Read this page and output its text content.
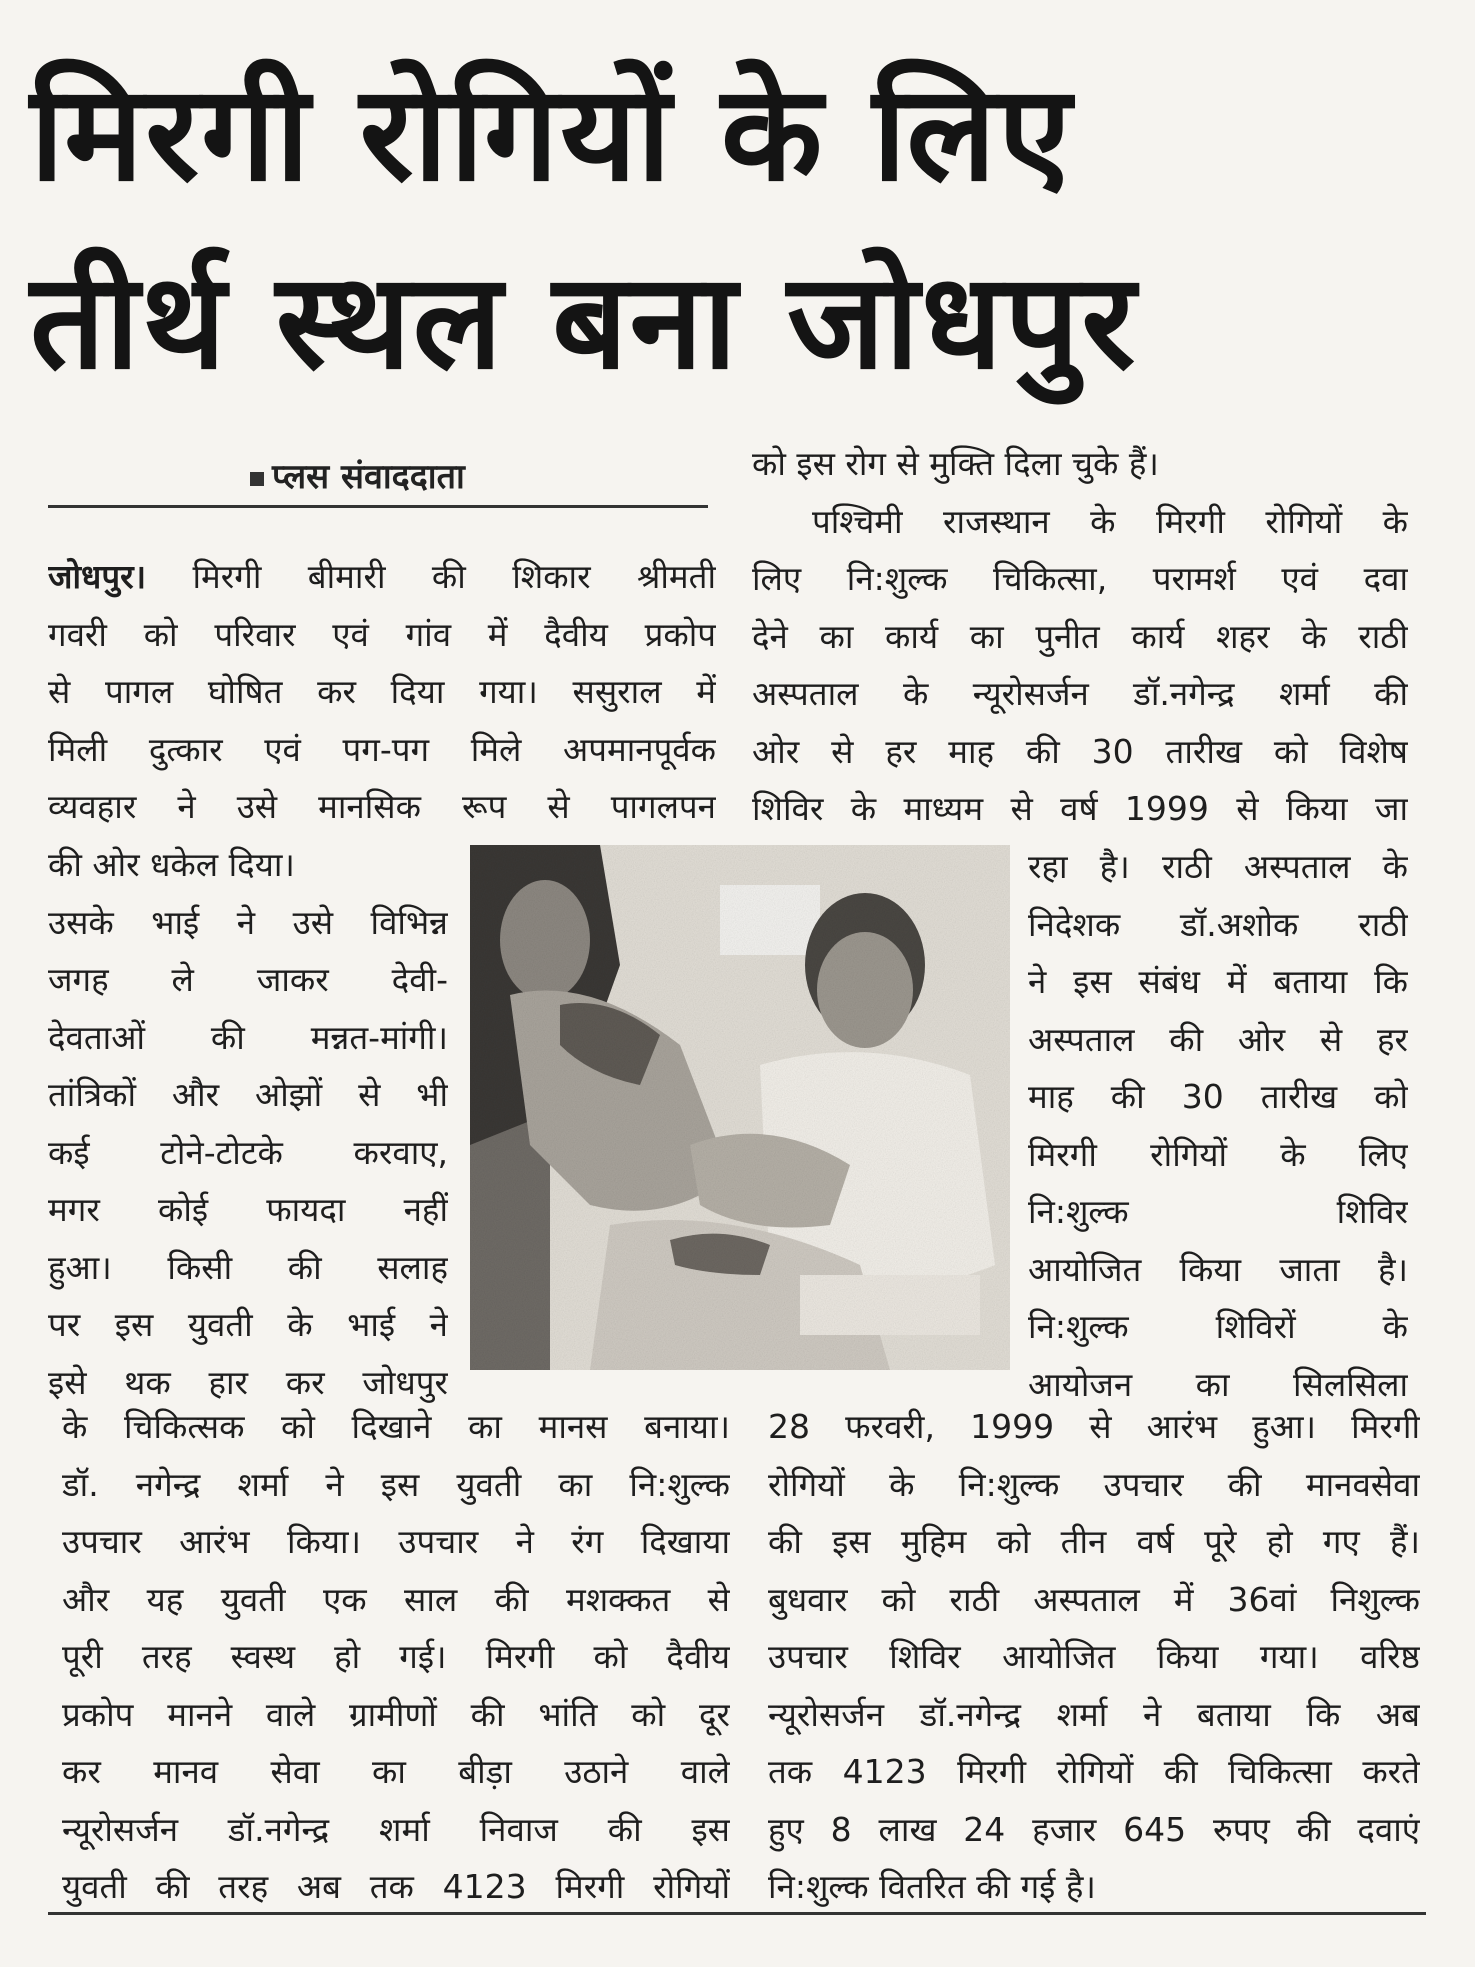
मिरगी रोगियों के लिए
तीर्थ स्थल बना जोधपुर
प्लस संवाददाता
जोधपुर। मिरगी बीमारी की शिकार श्रीमती
गवरी को परिवार एवं गांव में दैवीय प्रकोप
से पागल घोषित कर दिया गया। ससुराल में
मिली दुत्कार एवं पग-पग मिले अपमानपूर्वक
व्यवहार ने उसे मानसिक रूप से पागलपन
की ओर धकेल दिया।
उसके भाई ने उसे विभिन्न
जगह ले जाकर देवी-
देवताओं की मन्नत-मांगी।
तांत्रिकों और ओझों से भी
कई टोने-टोटके करवाए,
मगर कोई फायदा नहीं
हुआ। किसी की सलाह
पर इस युवती के भाई ने
इसे थक हार कर जोधपुर
के चिकित्सक को दिखाने का मानस बनाया।
डॉ. नगेन्द्र शर्मा ने इस युवती का नि:शुल्क
उपचार आरंभ किया। उपचार ने रंग दिखाया
और यह युवती एक साल की मशक्कत से
पूरी तरह स्वस्थ हो गई। मिरगी को दैवीय
प्रकोप मानने वाले ग्रामीणों की भांति को दूर
कर मानव सेवा का बीड़ा उठाने वाले
न्यूरोसर्जन डॉ.नगेन्द्र शर्मा निवाज की इस
युवती की तरह अब तक 4123 मिरगी रोगियों
को इस रोग से मुक्ति दिला चुके हैं।
पश्चिमी राजस्थान के मिरगी रोगियों के
लिए नि:शुल्क चिकित्सा, परामर्श एवं दवा
देने का कार्य का पुनीत कार्य शहर के राठी
अस्पताल के न्यूरोसर्जन डॉ.नगेन्द्र शर्मा की
ओर से हर माह की 30 तारीख को विशेष
शिविर के माध्यम से वर्ष 1999 से किया जा
रहा है। राठी अस्पताल के
निदेशक डॉ.अशोक राठी
ने इस संबंध में बताया कि
अस्पताल की ओर से हर
माह की 30 तारीख को
मिरगी रोगियों के लिए
नि:शुल्क शिविर
आयोजित किया जाता है।
नि:शुल्क शिविरों के
आयोजन का सिलसिला
28 फरवरी, 1999 से आरंभ हुआ। मिरगी
रोगियों के नि:शुल्क उपचार की मानवसेवा
की इस मुहिम को तीन वर्ष पूरे हो गए हैं।
बुधवार को राठी अस्पताल में 36वां निशुल्क
उपचार शिविर आयोजित किया गया। वरिष्ठ
न्यूरोसर्जन डॉ.नगेन्द्र शर्मा ने बताया कि अब
तक 4123 मिरगी रोगियों की चिकित्सा करते
हुए 8 लाख 24 हजार 645 रुपए की दवाएं
नि:शुल्क वितरित की गई है।
